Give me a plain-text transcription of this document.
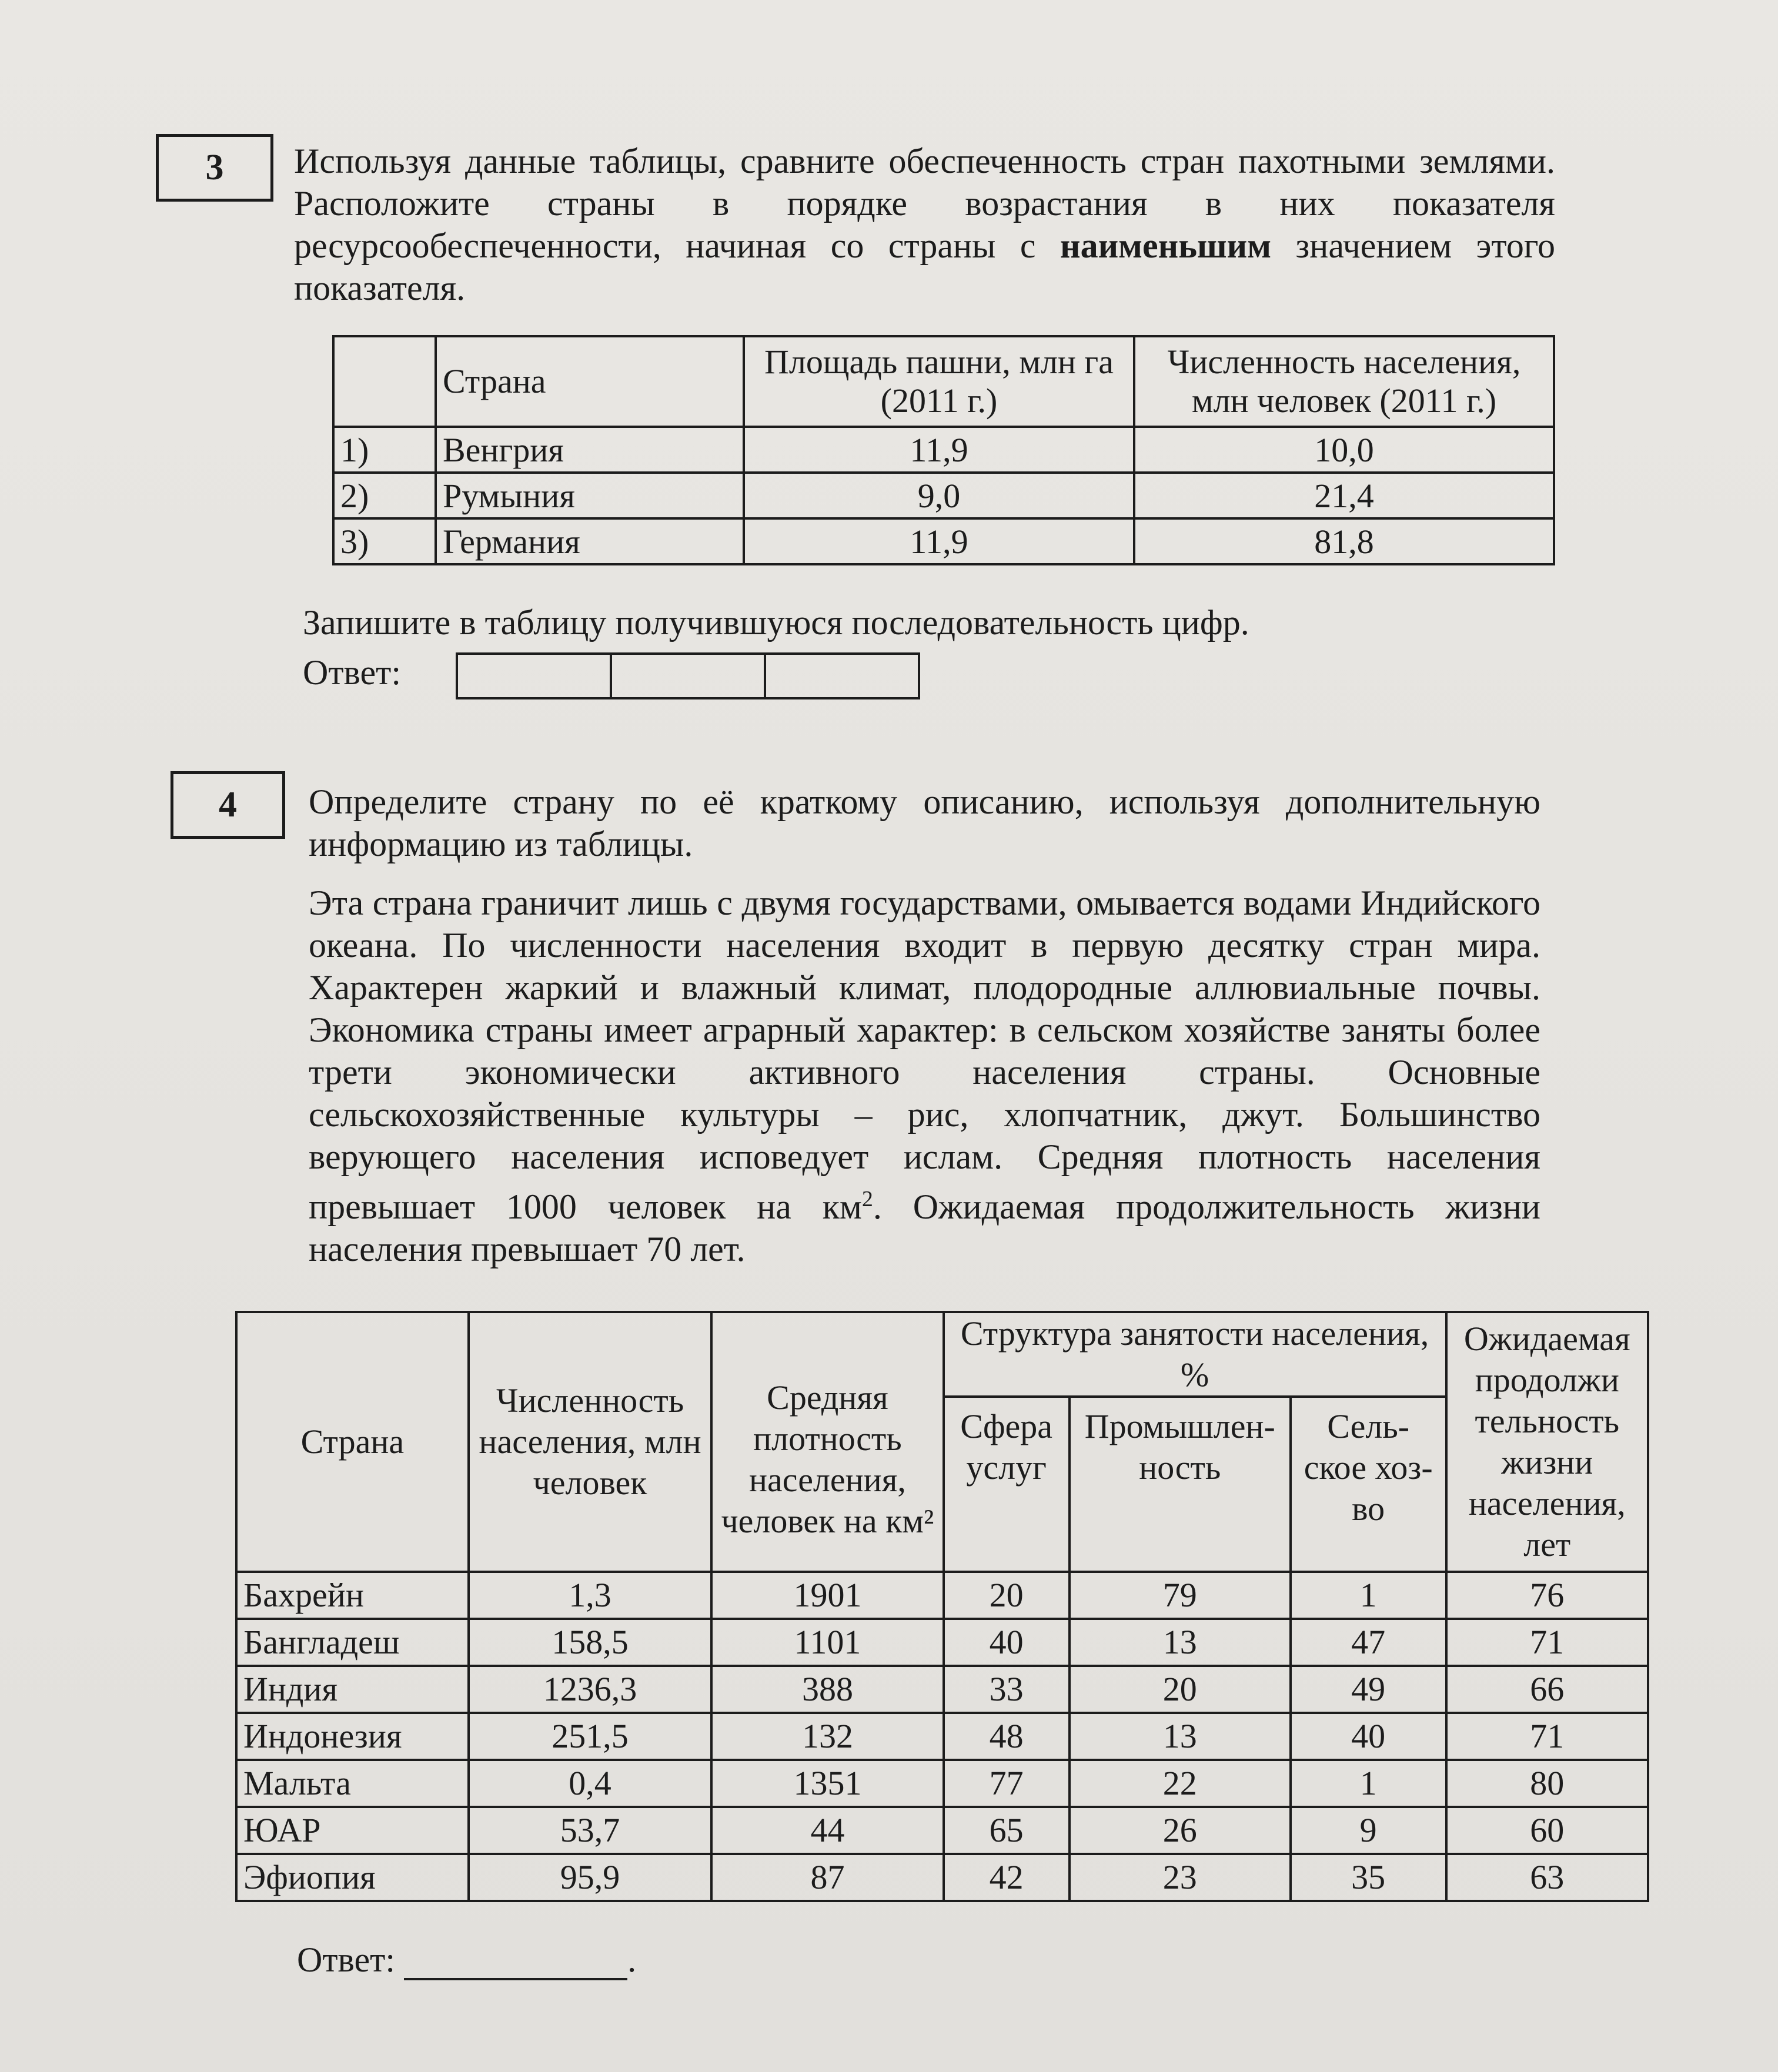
3 Используя данные таблицы, сравните обеспеченность стран пахотными землями. Расположите страны в порядке возрастания в них показателя ресурсообеспеченности, начиная со страны с наименьшим значением этого показателя.

	Страна	Площадь пашни, млн га (2011 г.)	Численность населения, млн человек (2011 г.)
1)	Венгрия	11,9	10,0
2)	Румыния	9,0	21,4
3)	Германия	11,9	81,8
Запишите в таблицу получившуюся последовательность цифр.
Ответ:
4 Определите страну по её краткому описанию, используя дополнительную информацию из таблицы.

Эта страна граничит лишь с двумя государствами, омывается водами Индийского океана. По численности населения входит в первую десятку стран мира. Характерен жаркий и влажный климат, плодородные аллювиальные почвы. Экономика страны имеет аграрный характер: в сельском хозяйстве заняты более трети экономически активного населения страны. Основные сельскохозяйственные культуры – рис, хлопчатник, джут. Большинство верующего населения исповедует ислам. Средняя плотность населения превышает 1000 человек на $км^2$. Ожидаемая продолжительность жизни населения превышает 70 лет.

Страна	Численность населения, млн человек	Средняя плотность населения, человек на км²	Структура занятости населения, %			Ожидаемая продолжи тельность жизни населения, лет
			Сфера услуг	Промышлен-ность	Сель-ское хоз-во	
Бахрейн	1,3	1901	20	79	1	76
Бангладеш	158,5	1101	40	13	47	71
Индия	1236,3	388	33	20	49	66
Индонезия	251,5	132	48	13	40	71
Мальта	0,4	1351	77	22	1	80
ЮАР	53,7	44	65	26	9	60
Эфиопия	95,9	87	42	23	35	63
Ответ:	.
